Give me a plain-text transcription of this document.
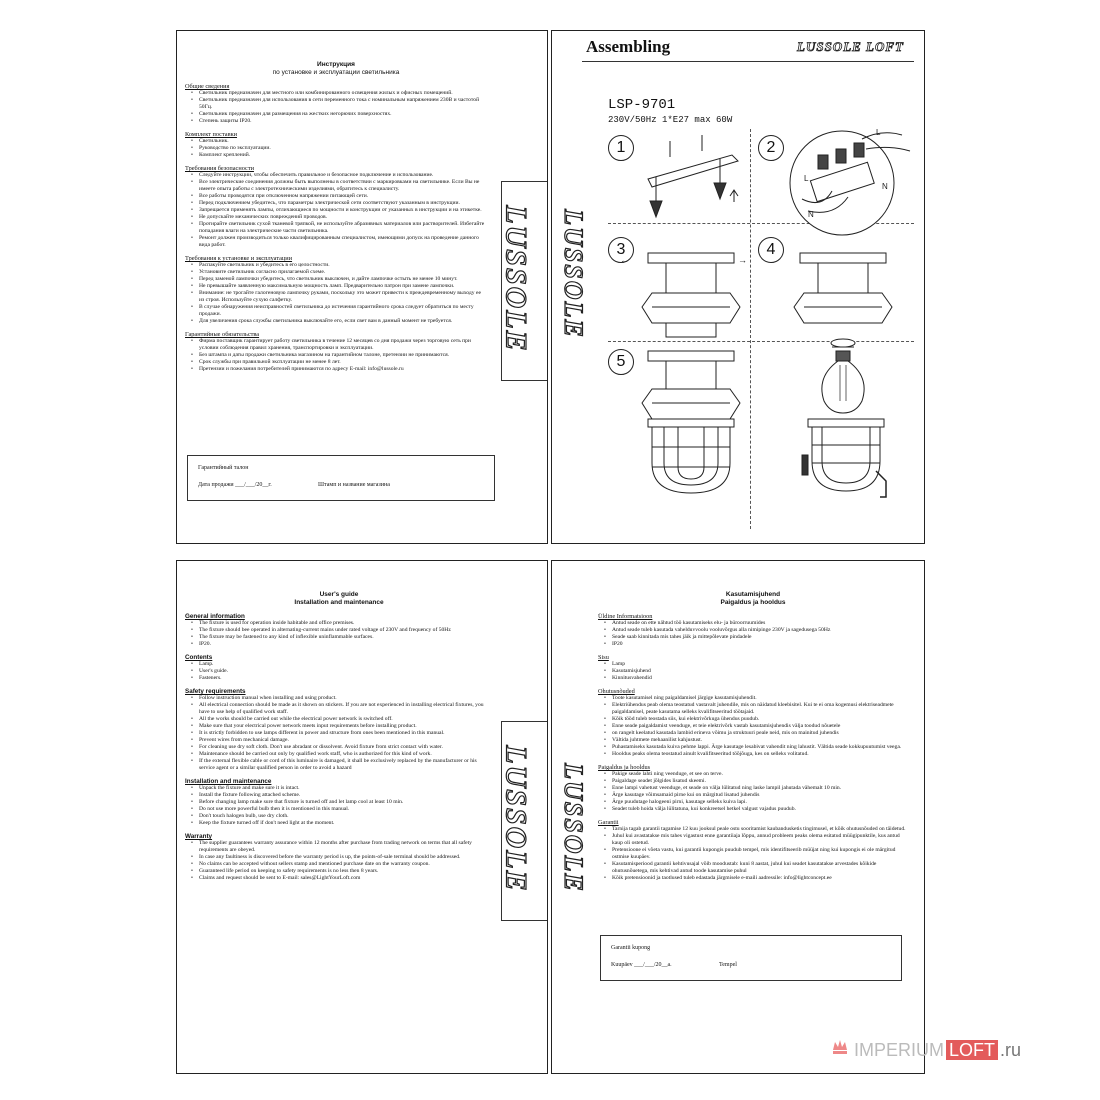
Инструкция
по установке и эксплуатации светильника
Общие сведения
• Светильник предназначен для местного или комбинированного освещения жилых и офисных помещений.
• Светильник предназначен для использования в сети переменного тока с номинальным напряжением 230В и частотой 50Гц.
• Светильник предназначен для размещения на жестких негорючих поверхностях.
• Степень защиты IP20.
Комплект поставки
• Светильник.
• Руководство по эксплуатации.
• Комплект креплений.
Требования безопасности
• Следуйте инструкции, чтобы обеспечить правильное и безопасное подключение и использование.
• Все электрические соединения должны быть выполнены в соответствии с маркировками на светильнике. Если Вы не имеете опыта работы с электротехническими изделиями, обратитесь к специалисту.
• Все работы проводятся при отключенном напряжении питающей сети.
• Перед подключением убедитесь, что параметры электрической сети соответствуют указанным в инструкции.
• Запрещается применять лампы, отличающиеся по мощности и конструкции от указанных в инструкции и на этикетке.
• Не допускайте механических повреждений проводов.
• Протирайте светильник сухой тканевой тряпкой, не используйте абразивных материалов или растворителей. Избегайте попадания влаги на электрические части светильника.
• Ремонт должен производиться только квалифицированным специалистом, имеющими допуск на проведение данного вида работ.
Требования к установке и эксплуатации
• Распакуйте светильник и убедитесь в его целостности.
• Установите светильник согласно прилагаемой схеме.
• Перед заменой лампочки убедитесь, что светильник выключен, и дайте лампочке остыть не менее 10 минут.
• Не превышайте заявленную максимальную мощность ламп. Предварительно патрон при замене лампочки.
• Внимание: не трогайте галогеновую лампочку руками, поскольку это может привести к преждевременному выходу ее из строя. Используйте сухую салфетку.
• В случае обнаружения неисправностей светильника до истечения гарантийного срока следует обратиться по месту продажи.
• Для увеличения срока службы светильника выключайте его, если свет вам в данный момент не требуется.
Гарантийные обязательства
• Фирма поставщик гарантирует работу светильника в течение 12 месяцев со дня продажи через торговую сеть при условии соблюдения правил хранения, транспортировки и эксплуатации.
• Без штампа и даты продажи светильника магазином на гарантийном талоне, претензии не принимаются.
• Срок службы при правильной эксплуатации не менее 8 лет.
• Претензии и пожелания потребителей принимаются по адресу E-mail: info@lussole.ru
Гарантийный талон
Дата продажи ___/___/20__г.	Штамп и название магазина
LUSSOLE LUSSOLE
Assembling	LUSSOLE LOFT
LSP-9701
230V/50Hz 1*E27 max 60W
1	2
3	4
5
L
N
L
N
←	→
User's guide
Installation and maintenance
General information
• The fixture is used for operation inside habitable and office premises.
• The fixture should bee operated in alternating-current mains under rated voltage of 230V and frequency of 50Hz
• The fixture may be fastened to any kind of inflexible uninflammable surfaces.
• IP20.
Contents
• Lamp.
• User's guide.
• Fasteners.
Safety requirements
• Follow instruction manual when installing and using product.
• All electrical connection should be made as it shown on stickers. If you are not experienced in installing electrical fixtures, you have to use help of qualified work staff.
• All the works should be carried out while the electrical power network is switched off.
• Make sure that your electrical power network meets input requirements before installing product.
• It is strictly forbidden to use lamps different in power and structure from ones been mentioned in this manual.
• Prevent wires from mechanical damage.
• For cleaning use dry soft cloth. Don't use abradant or dissolvent. Avoid fixture from strict contact with water.
• Maintenance should be carried out only by qualified work staff, who is authorized for this kind of work.
• If the external flexible cable or cord of this luminaire is damaged, it shall be exclusively replaced by the manufacturer or his service agent or a similar qualified person in order to avoid a hazard
Installation and maintenance
• Unpack the fixture and make sure it is intact.
• Install the fixture following attached scheme.
• Before changing lamp make sure that fixture is turned off and let lamp cool at least 10 min.
• Do not use more powerful bulb then it is mentioned in this manual.
• Don't touch halogen bulb, use dry cloth.
• Keep the fixture turned off if don't need light at the moment.
Warranty
• The supplier guarantees warranty assurance within 12 months after purchase from trading network on terms that all safety requirements are obeyed.
• In case any faultiness is discovered before the warranty period is up, the points-of-sale terminal should be addressed.
• No claims can be accepted without sellers stamp and mentioned purchase date on the warranty coupon.
• Guaranteed life period on keeping to safety requirements is no less then 8 years.
• Claims and request should be sent to E-mail: sales@LightYourLoft.com	LUSSOLE LUSSOLE
Kasutamisjuhend
Paigaldus ja hooldus
Üldine Informatsioon
• Antud seade on ette nähtud töö kasutamiseks elu- ja büroorruumides
• Antud seade tuleb kasutada vahelduvvoolu vooluvõrgus alla nimipinge 230V ja sagedusega 50Hz
• Seade saab kinnitada mis tahes jäik ja mittepõlevate pindadele
• IP20
Sisu
• Lamp
• Kasutamisjuhend
• Kinnitusvahendid
Ohutusnõuded
• Toote kasutamisel ning paigaldamisel järgige kasutamisjuhendit.
• Elektriühendus peab olema teostatud vastavalt juhendile, mis on näidatud kleebisitel. Kui te ei oma kogemusi elektriseadmete paigaldamisel, peate kasutama selleks kvalifitseeritud töötajaid.
• Kõik tööd tuleb teostada siis, kui elektrivõrkuga ühendus puudub.
• Enne seade paigaldamist veenduge, et teie elektrivõrk vastab kasutamisjuhendis välja toodud nõuetele
• on rangelt keelatud kasutada lambid erineva võimu ja struktuuri peale neid, mis on mainitud juhendis
• Vältida juhtmete mehaanilist kahjustust.
• Puhastamiseks kasutada kuiva pehme lappi. Ärge kasutage lesabivat vahendit ning lahustit. Vältida seade kokkupuutumist veega.
• Hooldus peaks olema teostatud ainult kvalifitseeritud töõjõuga, kes on selleks volitatud.
Paigaldus ja hooldus
• Pakige seade lahti ning veenduge, et see on terve.
• Paigaldage seadet jõlgides lisatud skeemi.
• Enne lampi vahetust veenduge, et seade on välja lülitatud ning laske lampil jahutada vähemalt 10 min.
• Ärge kasutage võimsamaid pirne kui on märgitud lisatud juhendis
• Ärge puudutage halogeeni pirni, kasutage selleks kuiva lapi.
• Seadet tuleb hoida välja lülitatuna, kui konkreetsel hetkel valgust vajadus puudub.
Garantii
• Tarnija tagab garantii tagamise 12 kuu jooksul peale ostu sooritamist kaubandusketis tingimusel, et kõik ohutusnõuded on täidetud.
• Juhul kui avastatakse mis tahes vigastust enne garantiiaja lõppu, annud probleem peaks olema esitatud müügipunktile, kus antud kaup oli ostetud.
• Pretensioone ei võeta vastu, kui garantii kupongis puudub tempel, mis identifitseerib müüjat ning kui kupongis ei ole märgitud ostmise kuupäev.
• Kasutamisperiood garantii kehtivusajal võib moodustab: kuni 8 aastat, juhul kui seadet kasutatakse arvestades kõikide ohutusnõuetega, mis kehtivad antud toode kasutamise puhul
• Kõik pretensioonid ja taotlused tuleb edastada järgmisele e-maili aadressile: info@lightconcept.ee
Garantii kupong
Kuupäev ___/___/20__a.	Tempel
IMPERIUM LOFT .ru
